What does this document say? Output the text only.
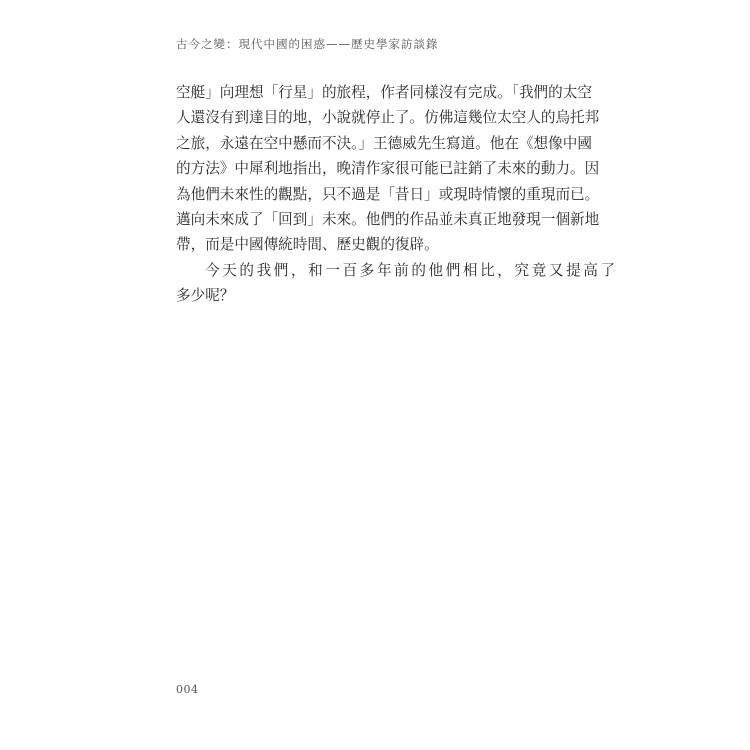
古今之變：現代中國的困惑——歷史學家訪談錄
空艇」向理想「行星」的旅程，作者同樣沒有完成。「我們的太空
人還沒有到達目的地，小說就停止了。仿佛這幾位太空人的烏托邦
之旅，永遠在空中懸而不決。」王德威先生寫道。他在《想像中國
的方法》中犀利地指出，晚清作家很可能已註銷了未來的動力。因
為他們未來性的觀點，只不過是「昔日」或現時情懷的重現而已。
邁向未來成了「回到」未來。他們的作品並未真正地發現一個新地
帶，而是中國傳統時間、歷史觀的復辟。
今天的我們，和一百多年前的他們相比，究竟又提高了
多少呢？
004
